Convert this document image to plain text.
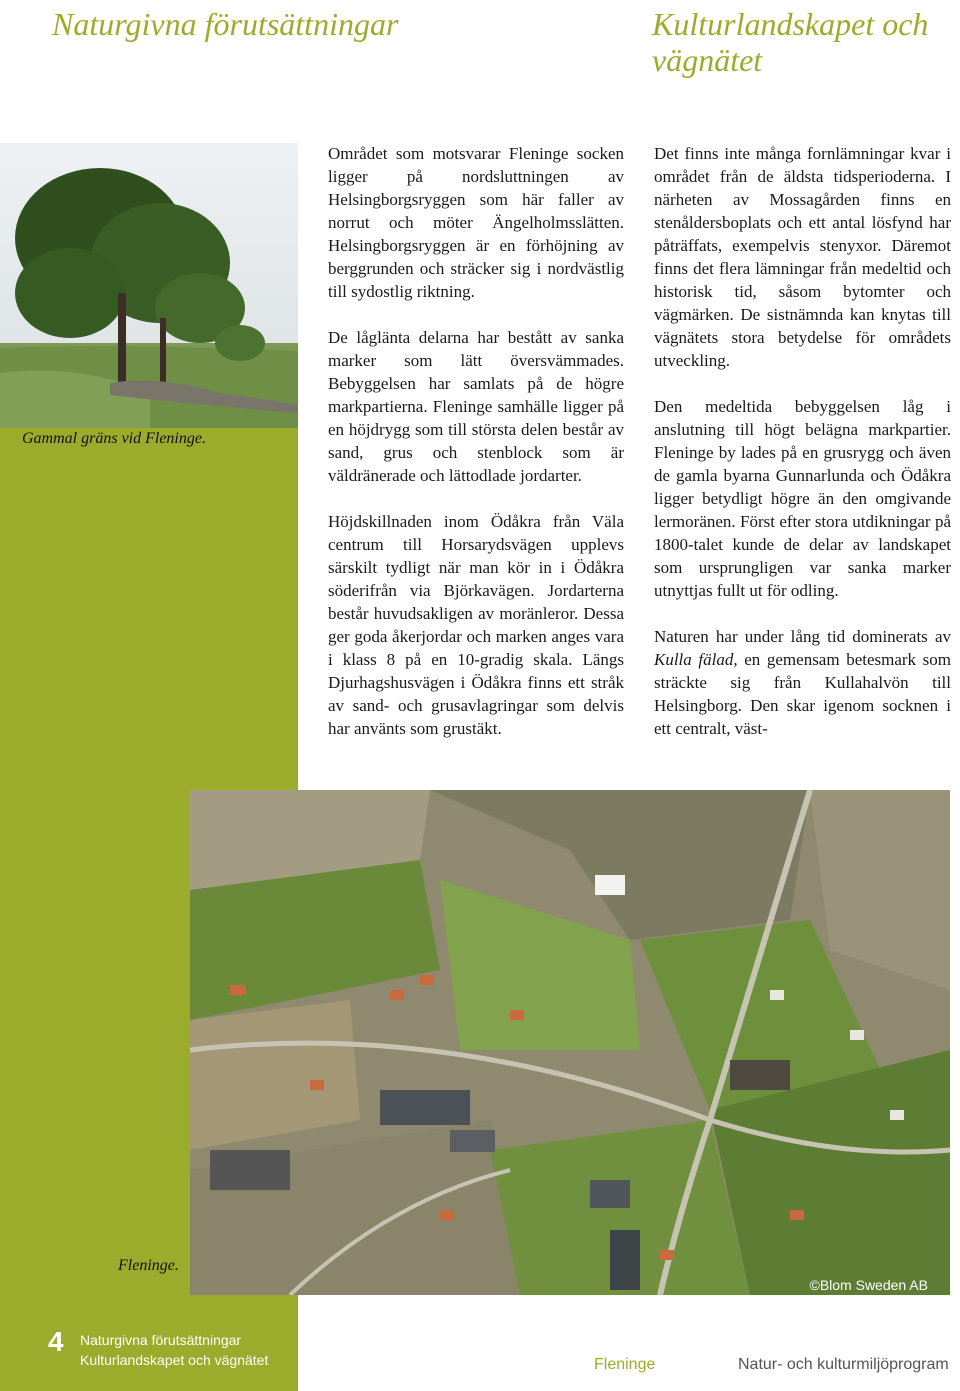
Naturgivna förutsättningar	Kulturlandskapet och vägnätet

Gammal gräns vid Fleninge.

Området som motsvarar Fleninge socken ligger på nordsluttningen av Helsingborgsryggen som här faller av norrut och möter Ängelholmsslätten. Helsingborgsryggen är en förhöjning av berggrunden och sträcker sig i nordvästlig till sydostlig riktning.

De låglänta delarna har bestått av sanka marker som lätt översvämmades. Bebyggelsen har samlats på de högre markpartierna. Fleninge samhälle ligger på en höjdrygg som till största delen består av sand, grus och stenblock som är väldränerade och lättodlade jordarter.

Höjdskillnaden inom Ödåkra från Väla centrum till Horsarydsvägen upplevs särskilt tydligt när man kör in i Ödåkra söderifrån via Björkavägen. Jordarterna består huvudsakligen av moränleror. Dessa ger goda åkerjordar och marken anges vara i klass 8 på en 10-gradig skala. Längs Djurhagshusvägen i Ödåkra finns ett stråk av sand- och grusavlagringar som delvis har använts som grustäkt.

Det finns inte många fornlämningar kvar i området från de äldsta tidsperioderna. I närheten av Mossagården finns en stenåldersboplats och ett antal lösfynd har påträffats, exempelvis stenyxor. Däremot finns det flera lämningar från medeltid och historisk tid, såsom bytomter och vägmärken. De sistnämnda kan knytas till vägnätets stora betydelse för områdets utveckling.

Den medeltida bebyggelsen låg i anslutning till högt belägna markpartier. Fleninge by lades på en grusrygg och även de gamla byarna Gunnarlunda och Ödåkra ligger betydligt högre än den omgivande lermoränen. Först efter stora utdikningar på 1800-talet kunde de delar av landskapet som ursprungligen var sanka marker utnyttjas fullt ut för odling.

Naturen har under lång tid dominerats av Kulla fälad, en gemensam betesmark som sträckte sig från Kullahalvön till Helsingborg. Den skar igenom socknen i ett centralt, väst-

©Blom Sweden AB

Fleninge.

4 Naturgivna förutsättningar

Kulturlandskapet och vägnätet	Fleninge	Natur- och kulturmiljöprogram
